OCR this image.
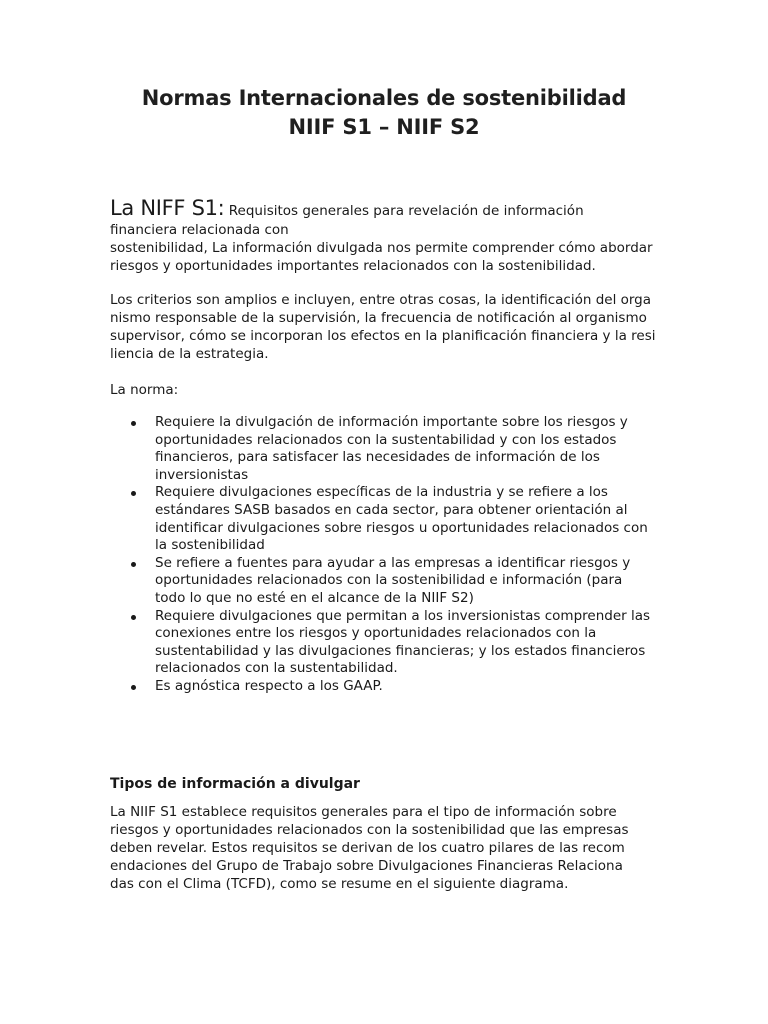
Normas Internacionales de sostenibilidad
NIIF S1 – NIIF S2

La NIFF S1: Requisitos generales para revelación de información
financiera relacionada con
sostenibilidad, La información divulgada nos permite comprender cómo abordar
riesgos y oportunidades importantes relacionados con la sostenibilidad.

Los criterios son amplios e incluyen, entre otras cosas, la identificación del orga
nismo responsable de la supervisión, la frecuencia de notificación al organismo
supervisor, cómo se incorporan los efectos en la planificación financiera y la resi
liencia de la estrategia.

La norma:

Requiere la divulgación de información importante sobre los riesgos y
oportunidades relacionados con la sustentabilidad y con los estados
financieros, para satisfacer las necesidades de información de los
inversionistas
Requiere divulgaciones específicas de la industria y se refiere a los
estándares SASB basados en cada sector, para obtener orientación al
identificar divulgaciones sobre riesgos u oportunidades relacionados con
la sostenibilidad
Se refiere a fuentes para ayudar a las empresas a identificar riesgos y
oportunidades relacionados con la sostenibilidad e información (para
todo lo que no esté en el alcance de la NIIF S2)
Requiere divulgaciones que permitan a los inversionistas comprender las
conexiones entre los riesgos y oportunidades relacionados con la
sustentabilidad y las divulgaciones financieras; y los estados financieros
relacionados con la sustentabilidad.
Es agnóstica respecto a los GAAP.
Tipos de información a divulgar

La NIIF S1 establece requisitos generales para el tipo de información sobre
riesgos y oportunidades relacionados con la sostenibilidad que las empresas
deben revelar. Estos requisitos se derivan de los cuatro pilares de las recom
endaciones del Grupo de Trabajo sobre Divulgaciones Financieras Relaciona
das con el Clima (TCFD), como se resume en el siguiente diagrama.
